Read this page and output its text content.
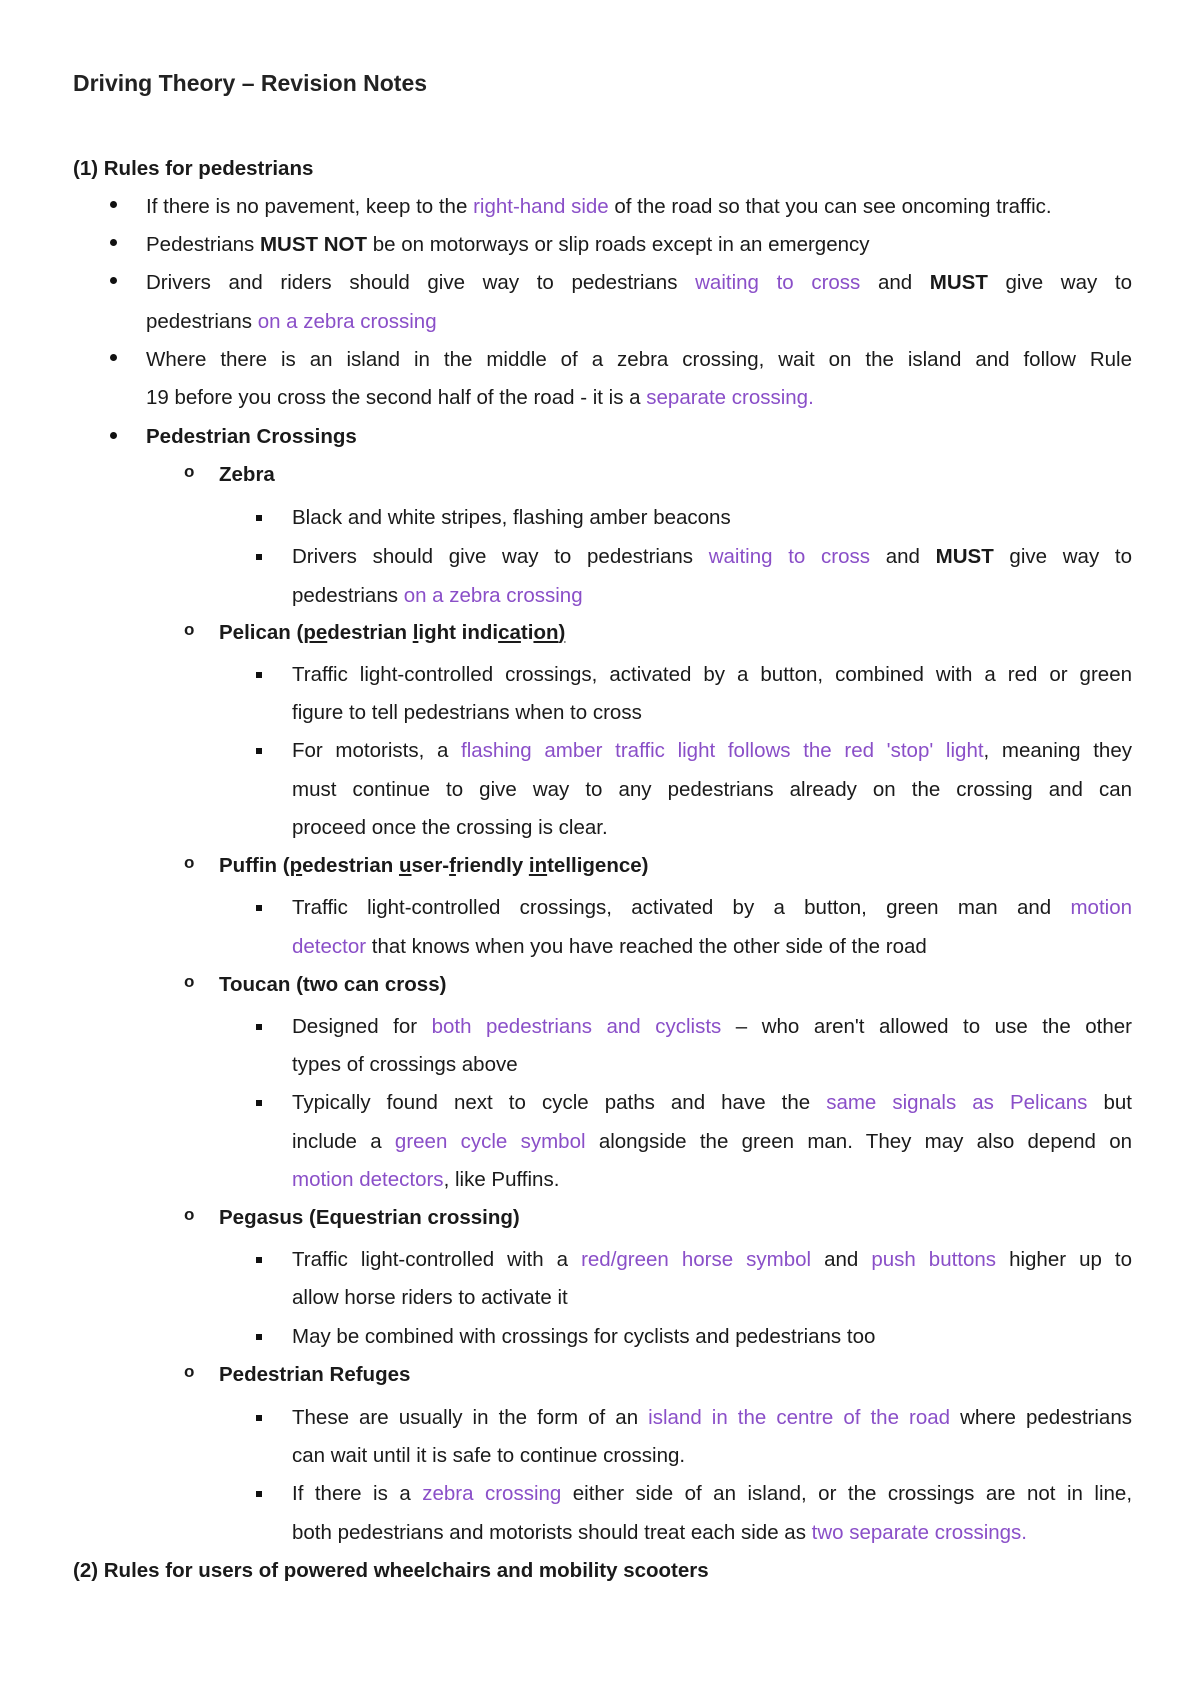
Driving Theory – Revision Notes
(1) Rules for pedestrians
If there is no pavement, keep to the right-hand side of the road so that you can see oncoming traffic.
Pedestrians MUST NOT be on motorways or slip roads except in an emergency
Drivers and riders should give way to pedestrians waiting to cross and MUST give way to
pedestrians on a zebra crossing
Where there is an island in the middle of a zebra crossing, wait on the island and follow Rule
19 before you cross the second half of the road - it is a separate crossing.
Pedestrian Crossings
o Zebra
Black and white stripes, flashing amber beacons
Drivers should give way to pedestrians waiting to cross and MUST give way to
pedestrians on a zebra crossing
o Pelican (pedestrian light indication)
Traffic light-controlled crossings, activated by a button, combined with a red or green
figure to tell pedestrians when to cross
For motorists, a flashing amber traffic light follows the red 'stop' light, meaning they
must continue to give way to any pedestrians already on the crossing and can
proceed once the crossing is clear.
o Puffin (pedestrian user-friendly intelligence)
Traffic light-controlled crossings, activated by a button, green man and motion
detector that knows when you have reached the other side of the road
o Toucan (two can cross)
Designed for both pedestrians and cyclists – who aren't allowed to use the other
types of crossings above
Typically found next to cycle paths and have the same signals as Pelicans but
include a green cycle symbol alongside the green man. They may also depend on
motion detectors, like Puffins.
o Pegasus (Equestrian crossing)
Traffic light-controlled with a red/green horse symbol and push buttons higher up to
allow horse riders to activate it
May be combined with crossings for cyclists and pedestrians too
o Pedestrian Refuges
These are usually in the form of an island in the centre of the road where pedestrians
can wait until it is safe to continue crossing.
If there is a zebra crossing either side of an island, or the crossings are not in line,
both pedestrians and motorists should treat each side as two separate crossings.
(2) Rules for users of powered wheelchairs and mobility scooters
